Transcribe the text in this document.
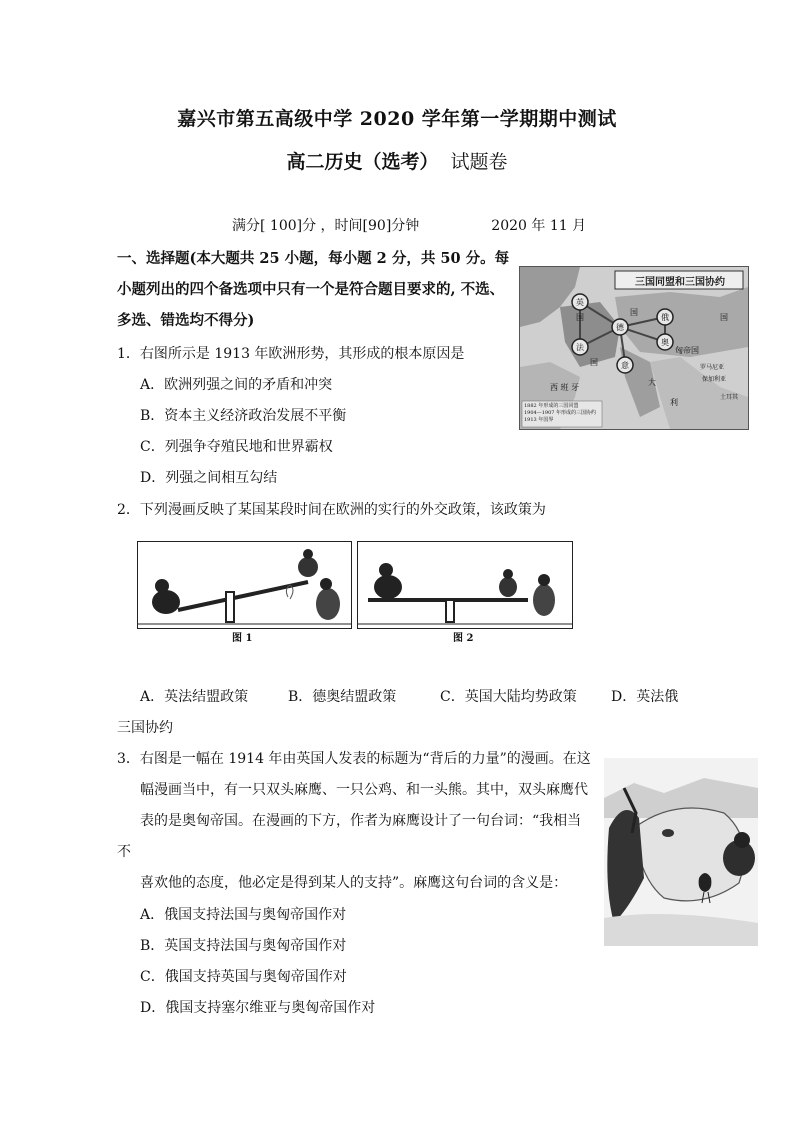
嘉兴市第五高级中学 2020 学年第一学期期中测试
高二历史（选考） 试题卷
满分[ 100]分 ，时间[90]分钟	2020 年 11 月
一、选择题(本大题共 25 小题，每小题 2 分，共 50 分。每小题列出的四个备选项中只有一个是符合题目要求的, 不选、多选、错选均不得分)
三国同盟和三国协约
英
国
法
国
德
国
奥
匈帝国
俄	国
意
大
利
西 班 牙
罗马尼亚
保加利亚
土耳其
1882 年形成的三国同盟
1904—1907 年形成的三国协约
1913 年国界
1．右图所示是 1913 年欧洲形势，其形成的根本原因是
A．欧洲列强之间的矛盾和冲突
B．资本主义经济政治发展不平衡
C．列强争夺殖民地和世界霸权
D．列强之间相互勾结
2．下列漫画反映了某国某段时间在欧洲的实行的外交政策，该政策为
图 1	图 2
A．英法结盟政策	B．德奥结盟政策	C．英国大陆均势政策 D．英法俄
三国协约
3．右图是一幅在 1914 年由英国人发表的标题为“背后的力量”的漫画。在这
幅漫画当中，有一只双头麻鹰、一只公鸡、和一头熊。其中，双头麻鹰代
表的是奥匈帝国。在漫画的下方，作者为麻鹰设计了一句台词：“我相当
不
喜欢他的态度，他必定是得到某人的支持”。麻鹰这句台词的含义是：
A．俄国支持法国与奥匈帝国作对
B．英国支持法国与奥匈帝国作对
C．俄国支持英国与奥匈帝国作对
D．俄国支持塞尔维亚与奥匈帝国作对
